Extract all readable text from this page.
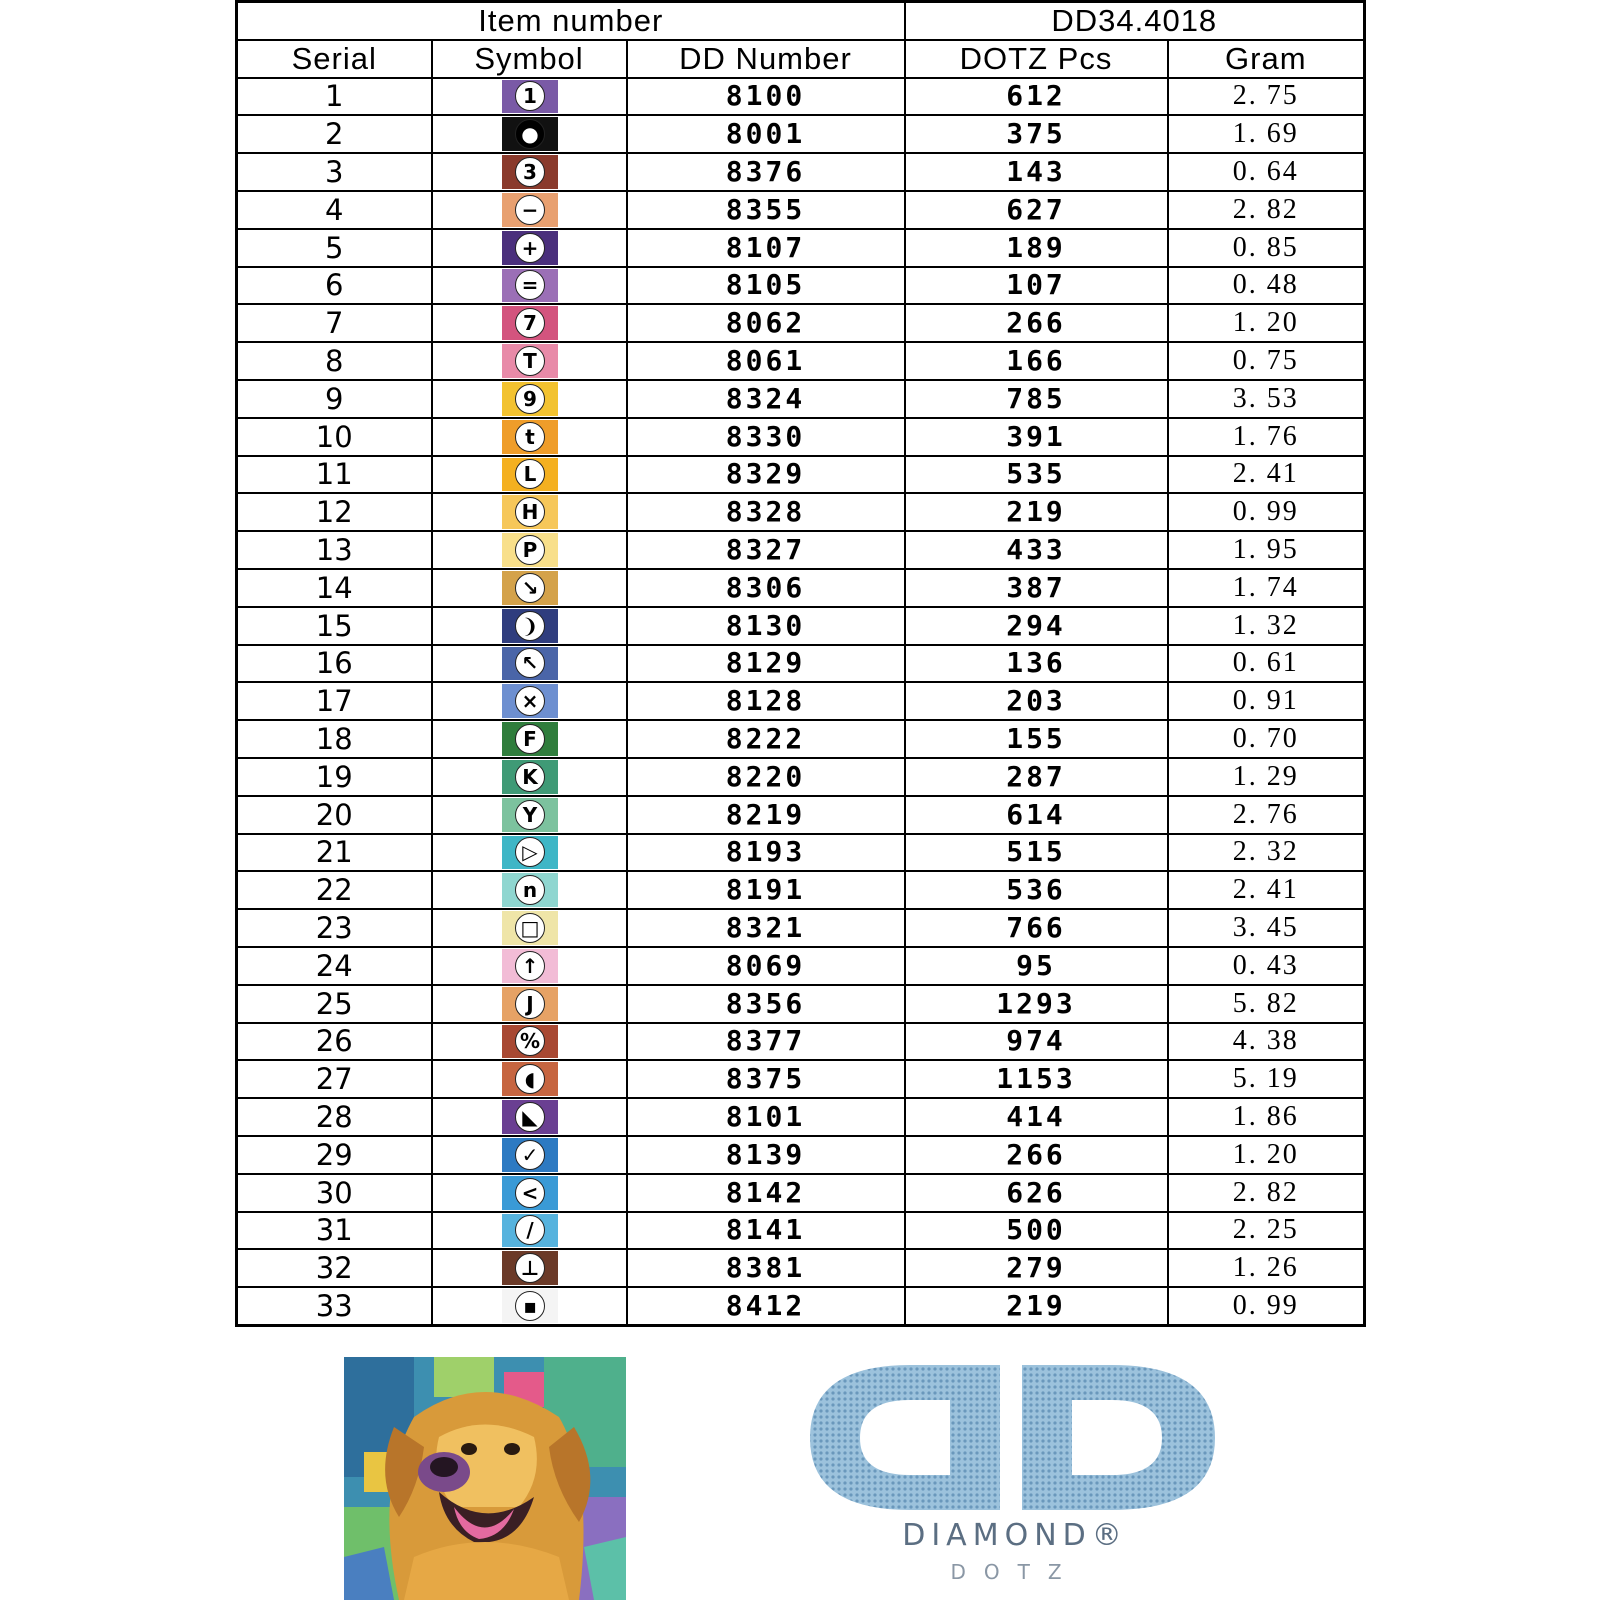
Item number			DD34.4018	
Serial	Symbol	DD Number	DOTZ Pcs	Gram
1	1	8100	612	2. 75
2	●	8001	375	1. 69
3	3	8376	143	0. 64
4	−	8355	627	2. 82
5	+	8107	189	0. 85
6	=	8105	107	0. 48
7	7	8062	266	1. 20
8	T	8061	166	0. 75
9	9	8324	785	3. 53
10	t	8330	391	1. 76
11	L	8329	535	2. 41
12	H	8328	219	0. 99
13	P	8327	433	1. 95
14	↘	8306	387	1. 74
15	❩	8130	294	1. 32
16	↖	8129	136	0. 61
17	×	8128	203	0. 91
18	F	8222	155	0. 70
19	K	8220	287	1. 29
20	Y	8219	614	2. 76
21	▷	8193	515	2. 32
22	n	8191	536	2. 41
23	□	8321	766	3. 45
24	↑	8069	95	0. 43
25	J	8356	1293	5. 82
26	%	8377	974	4. 38
27	◖	8375	1153	5. 19
28	◣	8101	414	1. 86
29	✓	8139	266	1. 20
30	<	8142	626	2. 82
31	/	8141	500	2. 25
32	⊥	8381	279	1. 26
33	▪	8412	219	0. 99
DIAMOND®
DOTZ
